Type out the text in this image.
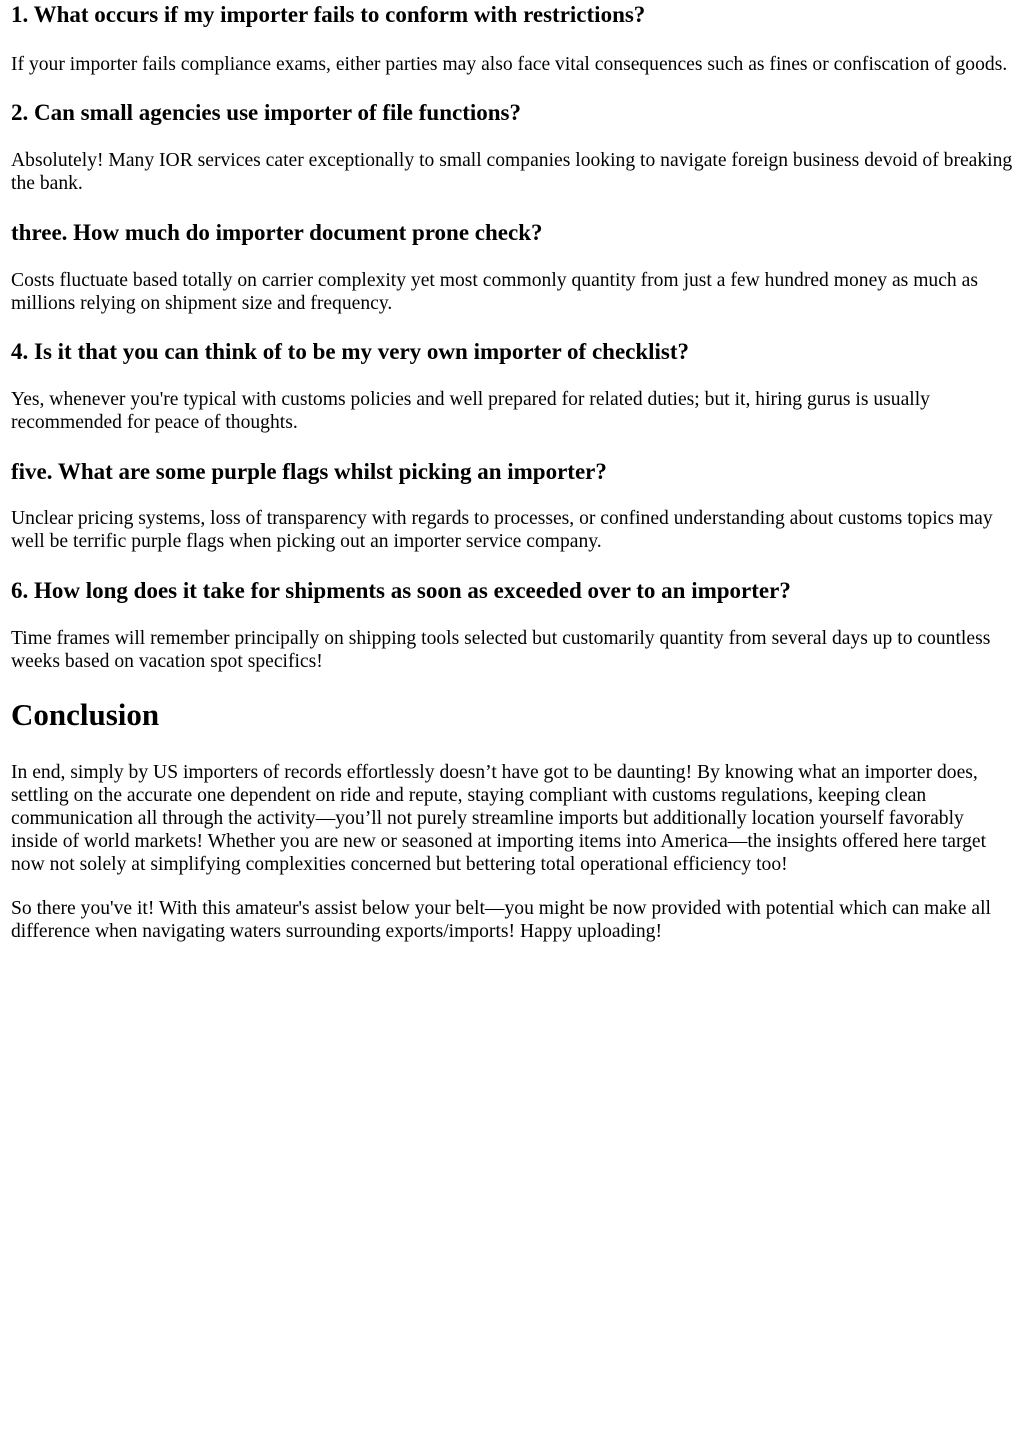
1. What occurs if my importer fails to conform with restrictions?

If your importer fails compliance exams, either parties may also face vital consequences such as fines or confiscation of goods.

2. Can small agencies use importer of file functions?

Absolutely! Many IOR services cater exceptionally to small companies looking to navigate foreign business devoid of breaking the bank.

three. How much do importer document prone check?

Costs fluctuate based totally on carrier complexity yet most commonly quantity from just a few hundred money as much as millions relying on shipment size and frequency.

4. Is it that you can think of to be my very own importer of checklist?

Yes, whenever you're typical with customs policies and well prepared for related duties; but it, hiring gurus is usually recommended for peace of thoughts.

five. What are some purple flags whilst picking an importer?

Unclear pricing systems, loss of transparency with regards to processes, or confined understanding about customs topics may well be terrific purple flags when picking out an importer service company.

6. How long does it take for shipments as soon as exceeded over to an importer?

Time frames will remember principally on shipping tools selected but customarily quantity from several days up to countless weeks based on vacation spot specifics!

Conclusion

In end, simply by US importers of records effortlessly doesn’t have got to be daunting! By knowing what an importer does, settling on the accurate one dependent on ride and repute, staying compliant with customs regulations, keeping clean communication all through the activity—you’ll not purely streamline imports but additionally location yourself favorably inside of world markets! Whether you are new or seasoned at importing items into America—the insights offered here target now not solely at simplifying complexities concerned but bettering total operational efficiency too!

So there you've it! With this amateur's assist below your belt—you might be now provided with potential which can make all difference when navigating waters surrounding exports/imports! Happy uploading!
